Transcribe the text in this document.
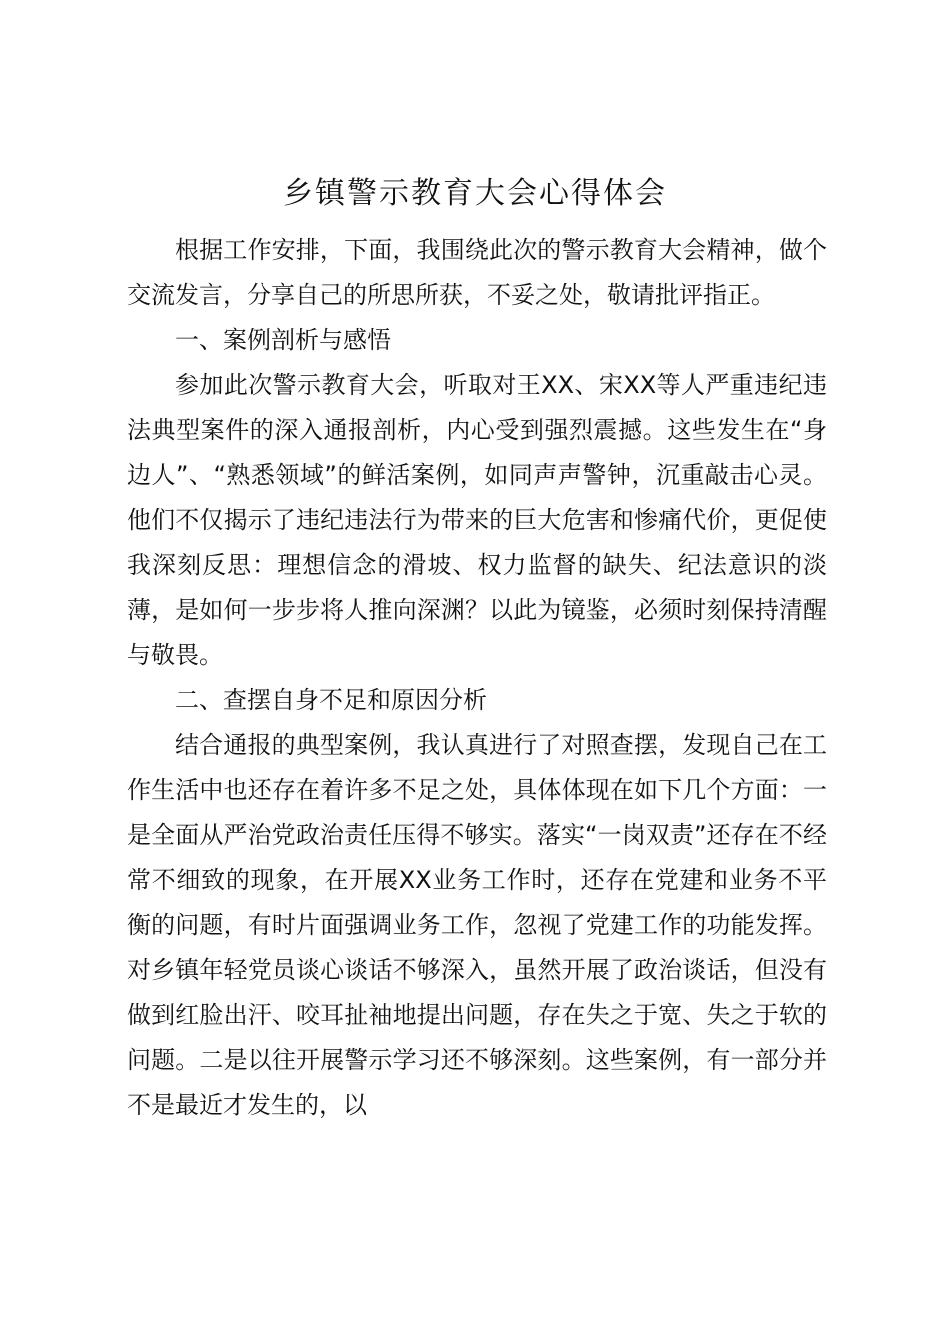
乡镇警示教育大会心得体会

根据工作安排，下面，我围绕此次的警示教育大会精神，做个交流发言，分享自己的所思所获，不妥之处，敬请批评指正。

一、案例剖析与感悟

参加此次警示教育大会，听取对王XX、宋XX等人严重违纪违法典型案件的深入通报剖析，内心受到强烈震撼。这些发生在“身边人”、“熟悉领域”的鲜活案例，如同声声警钟，沉重敲击心灵。他们不仅揭示了违纪违法行为带来的巨大危害和惨痛代价，更促使我深刻反思：理想信念的滑坡、权力监督的缺失、纪法意识的淡薄，是如何一步步将人推向深渊？以此为镜鉴，必须时刻保持清醒与敬畏。

二、查摆自身不足和原因分析

结合通报的典型案例，我认真进行了对照查摆，发现自己在工作生活中也还存在着许多不足之处，具体体现在如下几个方面：一是全面从严治党政治责任压得不够实。落实“一岗双责”还存在不经常不细致的现象，在开展XX业务工作时，还存在党建和业务不平衡的问题，有时片面强调业务工作，忽视了党建工作的功能发挥。对乡镇年轻党员谈心谈话不够深入，虽然开展了政治谈话，但没有做到红脸出汗、咬耳扯袖地提出问题，存在失之于宽、失之于软的问题。二是以往开展警示学习还不够深刻。这些案例，有一部分并不是最近才发生的，以
